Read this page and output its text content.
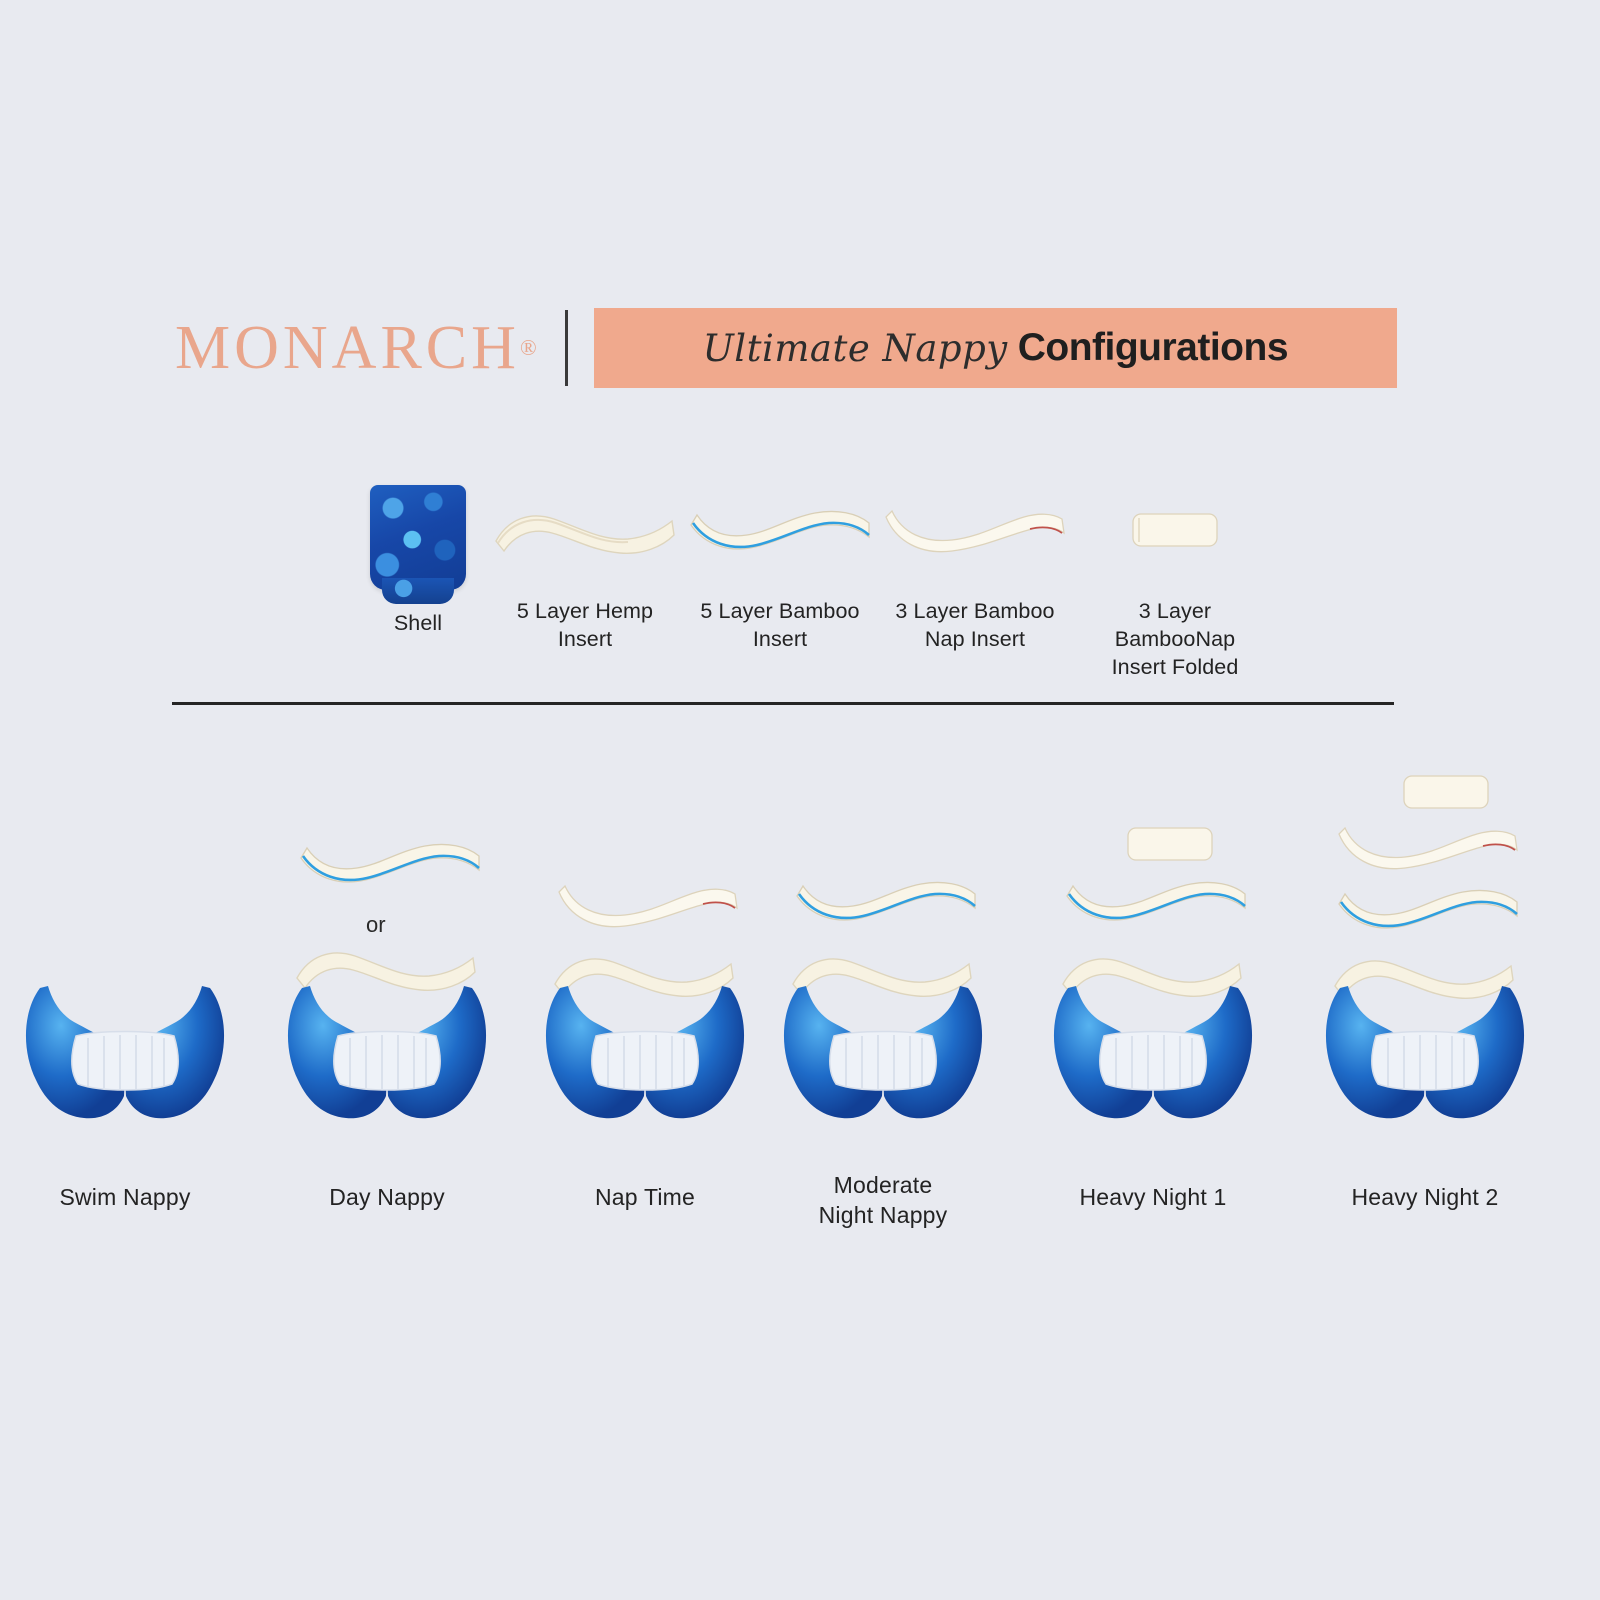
MONARCH ®	Ultimate Nappy Configurations
Shell	5 Layer Hemp
Insert
5 Layer Bamboo
Insert
3 Layer Bamboo
Nap Insert
3 Layer
BambooNap
Insert Folded
Swim Nappy
or
Day Nappy	Nap Time	Moderate
Night Nappy
Heavy Night 1	Heavy Night 2
